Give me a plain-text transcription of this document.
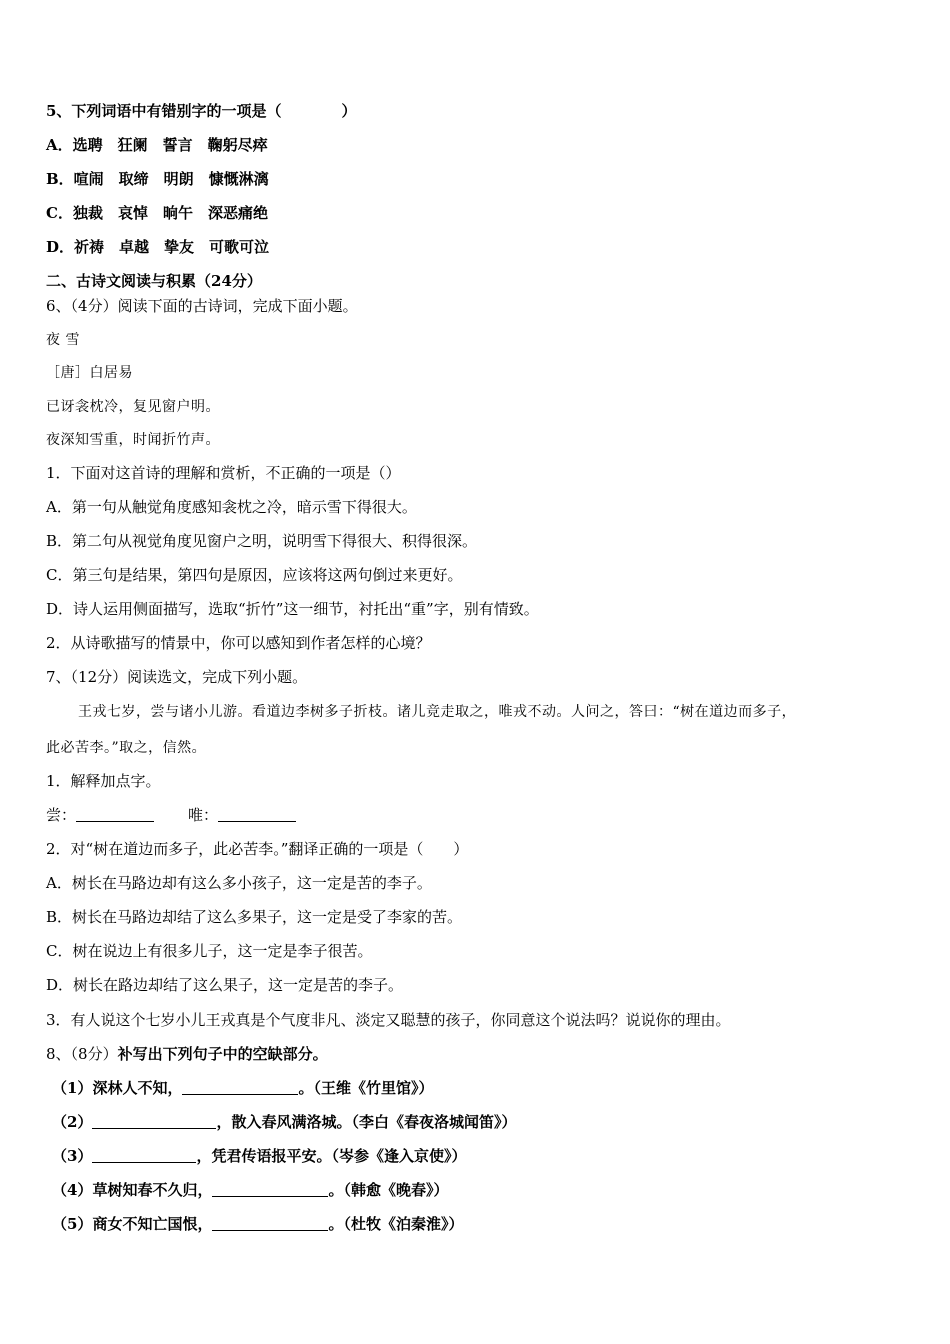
5、下列词语中有错别字的一项是（　　　　）
A．选聘　狂阑　誓言　鞠躬尽瘁
B．喧闹　取缔　明朗　慷慨淋漓
C．独裁　哀悼　晌午　深恶痛绝
D．祈祷　卓越　挚友　可歌可泣
二、古诗文阅读与积累（24分）
6、（4分）阅读下面的古诗词，完成下面小题。
夜 雪
［唐］白居易
已讶衾枕冷，复见窗户明。
夜深知雪重，时闻折竹声。
1．下面对这首诗的理解和赏析，不正确的一项是（）
A．第一句从触觉角度感知衾枕之冷，暗示雪下得很大。
B．第二句从视觉角度见窗户之明，说明雪下得很大、积得很深。
C．第三句是结果，第四句是原因，应该将这两句倒过来更好。
D．诗人运用侧面描写，选取“折竹”这一细节，衬托出“重”字，别有情致。
2．从诗歌描写的情景中，你可以感知到作者怎样的心境？
7、（12分）阅读选文，完成下列小题。
王戎七岁，尝与诸小儿游。看道边李树多子折枝。诸儿竞走取之，唯戎不动。人问之，答曰：“树在道边而多子，
此必苦李。”取之，信然。
1．解释加点字。
尝：	唯：
2．对“树在道边而多子，此必苦李。”翻译正确的一项是（　　）
A．树长在马路边却有这么多小孩子，这一定是苦的李子。
B．树长在马路边却结了这么多果子，这一定是受了李家的苦。
C．树在说边上有很多儿子，这一定是李子很苦。
D．树长在路边却结了这么果子，这一定是苦的李子。
3．有人说这个七岁小儿王戎真是个气度非凡、淡定又聪慧的孩子，你同意这个说法吗？说说你的理由。
8、（8分）补写出下列句子中的空缺部分。
（1）深林人不知，	。（王维《竹里馆》）
（2）	，散入春风满洛城。（李白《春夜洛城闻笛》）
（3）	，凭君传语报平安。（岑参《逢入京使》）
（4）草树知春不久归，	。（韩愈《晚春》）
（5）商女不知亡国恨，	。（杜牧《泊秦淮》）
